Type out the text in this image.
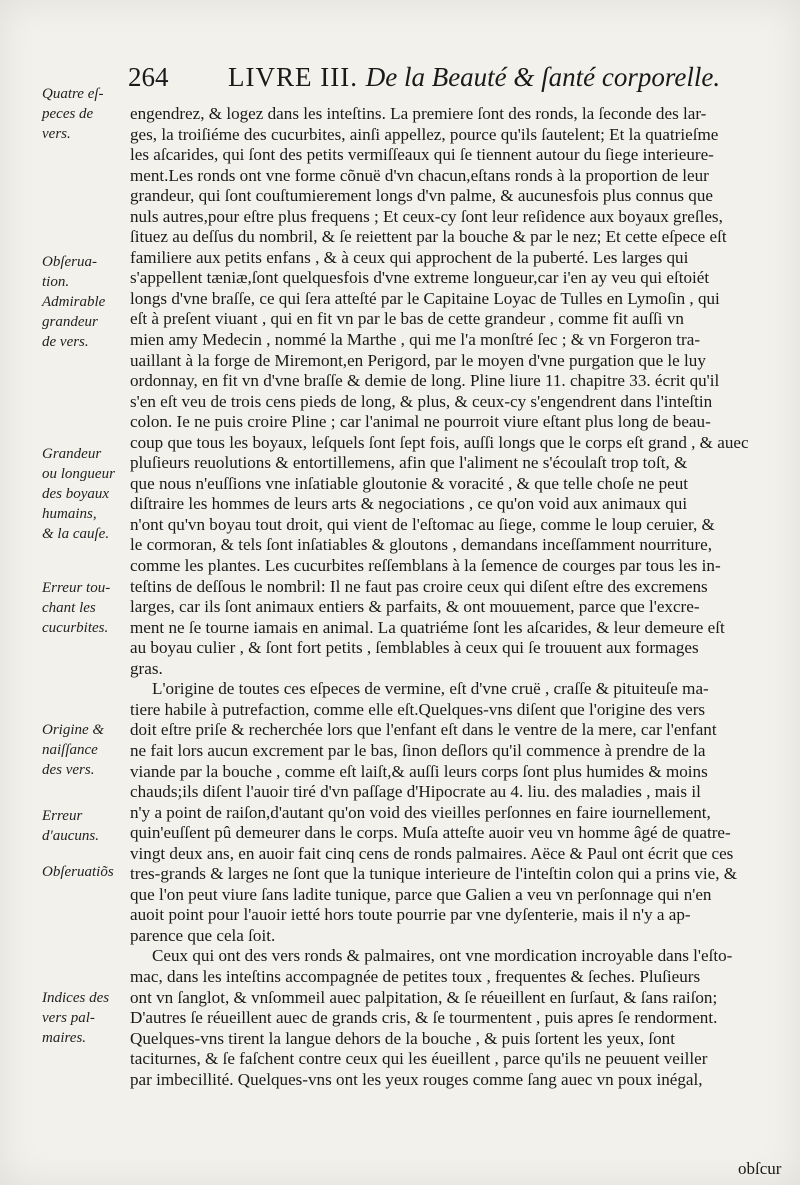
264 LIVRE III. De la Beauté & ſanté corporelle.
Quatre eſ-
peces de
vers.
Obſerua-
tion.
Admirable
grandeur
de vers.
Grandeur
ou longueur
des boyaux
humains,
& la cauſe.
Erreur tou-
chant les
cucurbites.
Origine &
naiſſance
des vers.
Erreur
d'aucuns.
Obſeruatiõs
Indices des
vers pal-
maires.
engendrez, & logez dans les inteſtins. La premiere ſont des ronds, la ſeconde des lar-
ges, la troiſiéme des cucurbites, ainſi appellez, pource qu'ils ſautelent; Et la quatrieſme
les aſcarides, qui ſont des petits vermiſſeaux qui ſe tiennent autour du ſiege interieure-
ment.Les ronds ont vne forme cõnuë d'vn chacun,eſtans ronds à la proportion de leur
grandeur, qui ſont couſtumierement longs d'vn palme, & aucunesfois plus connus que
nuls autres,pour eſtre plus frequens ; Et ceux-cy ſont leur reſidence aux boyaux greſles,
ſituez au deſſus du nombril, & ſe reiettent par la bouche & par le nez; Et cette eſpece eſt
familiere aux petits enfans , & à ceux qui approchent de la puberté. Les larges qui
s'appellent tæniæ,ſont quelquesfois d'vne extreme longueur,car i'en ay veu qui eſtoiét
longs d'vne braſſe, ce qui ſera atteſté par le Capitaine Loyac de Tulles en Lymoſin , qui
eſt à preſent viuant , qui en fit vn par le bas de cette grandeur , comme fit auſſi vn
mien amy Medecin , nommé la Marthe , qui me l'a monſtré ſec ; & vn Forgeron tra-
uaillant à la forge de Miremont,en Perigord, par le moyen d'vne purgation que le luy
ordonnay, en fit vn d'vne braſſe & demie de long. Pline liure 11. chapitre 33. écrit qu'il
s'en eſt veu de trois cens pieds de long, & plus, & ceux-cy s'engendrent dans l'inteſtin
colon. Ie ne puis croire Pline ; car l'animal ne pourroit viure eſtant plus long de beau-
coup que tous les boyaux, leſquels ſont ſept fois, auſſi longs que le corps eſt grand , & auec
pluſieurs reuolutions & entortillemens, afin que l'aliment ne s'écoulaſt trop toſt, &
que nous n'euſſions vne inſatiable gloutonie & voracité , & que telle choſe ne peut
diſtraire les hommes de leurs arts & negociations , ce qu'on void aux animaux qui
n'ont qu'vn boyau tout droit, qui vient de l'eſtomac au ſiege, comme le loup ceruier, &
le cormoran, & tels ſont inſatiables & gloutons , demandans inceſſamment nourriture,
comme les plantes. Les cucurbites reſſemblans à la ſemence de courges par tous les in-
teſtins de deſſous le nombril: Il ne faut pas croire ceux qui diſent eſtre des excremens
larges, car ils ſont animaux entiers & parfaits, & ont mouuement, parce que l'excre-
ment ne ſe tourne iamais en animal. La quatriéme ſont les aſcarides, & leur demeure eſt
au boyau culier , & ſont fort petits , ſemblables à ceux qui ſe trouuent aux formages
gras.
L'origine de toutes ces eſpeces de vermine, eſt d'vne cruë , craſſe & pituiteuſe ma-
tiere habile à putrefaction, comme elle eſt.Quelques-vns diſent que l'origine des vers
doit eſtre priſe & recherchée lors que l'enfant eſt dans le ventre de la mere, car l'enfant
ne fait lors aucun excrement par le bas, ſinon deſlors qu'il commence à prendre de la
viande par la bouche , comme eſt laiſt,& auſſi leurs corps ſont plus humides & moins
chauds;ils diſent l'auoir tiré d'vn paſſage d'Hipocrate au 4. liu. des maladies , mais il
n'y a point de raiſon,d'autant qu'on void des vieilles perſonnes en faire iournellement,
quin'euſſent pû demeurer dans le corps. Muſa atteſte auoir veu vn homme âgé de quatre-
vingt deux ans, en auoir fait cinq cens de ronds palmaires. Aëce & Paul ont écrit que ces
tres-grands & larges ne ſont que la tunique interieure de l'inteſtin colon qui a prins vie, &
que l'on peut viure ſans ladite tunique, parce que Galien a veu vn perſonnage qui n'en
auoit point pour l'auoir ietté hors toute pourrie par vne dyſenterie, mais il n'y a ap-
parence que cela ſoit.
Ceux qui ont des vers ronds & palmaires, ont vne mordication incroyable dans l'eſto-
mac, dans les inteſtins accompagnée de petites toux , frequentes & ſeches. Pluſieurs
ont vn ſanglot, & vnſommeil auec palpitation, & ſe réueillent en ſurſaut, & ſans raiſon;
D'autres ſe réueillent auec de grands cris, & ſe tourmentent , puis apres ſe rendorment.
Quelques-vns tirent la langue dehors de la bouche , & puis ſortent les yeux, ſont
taciturnes, & ſe faſchent contre ceux qui les éueillent , parce qu'ils ne peuuent veiller
par imbecillité. Quelques-vns ont les yeux rouges comme ſang auec vn poux inégal,
obſcur
